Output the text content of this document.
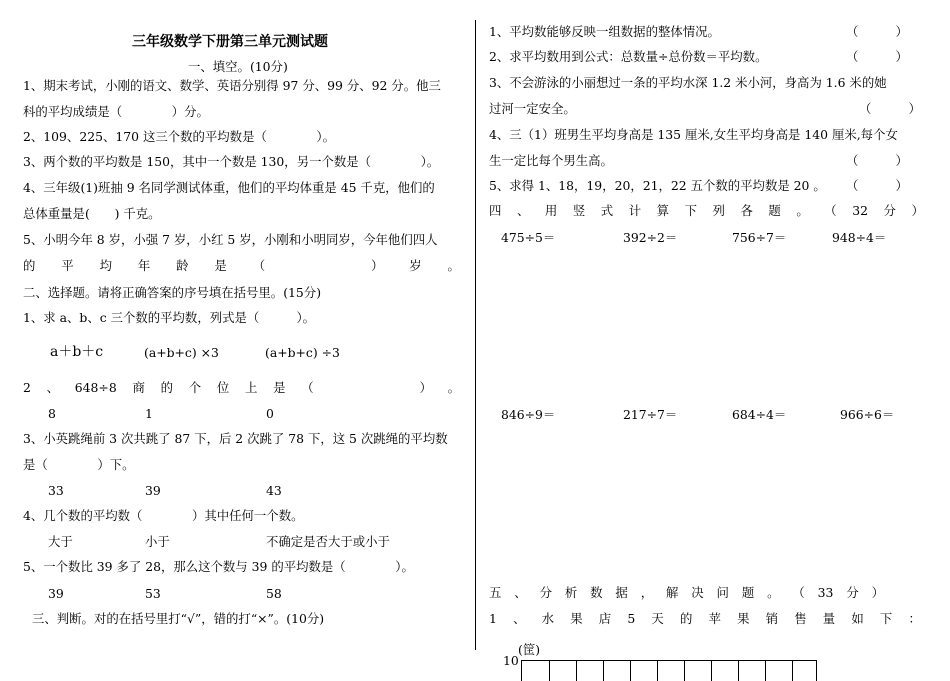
三年级数学下册第三单元测试题
一、填空。(10分)
1、期末考试，小刚的语文、数学、英语分别得 97 分、99 分、92 分。他三
科的平均成绩是（　　　　）分。
2、109、225、170 这三个数的平均数是（　　　　）。
3、两个数的平均数是 150，其中一个数是 130，另一个数是（　　　　）。
4、三年级(1)班抽 9 名同学测试体重，他们的平均体重是 45 千克，他们的
总体重量是(　　) 千克。
5、小明今年 8 岁，小强 7 岁，小红 5 岁，小刚和小明同岁，今年他们四人
的 平 均 年 龄 是 （	） 岁 。
二、选择题。请将正确答案的序号填在括号里。(15分)
1、求 a、b、c 三个数的平均数，列式是（　　　）。
a＋b＋c	(a+b+c) ×3	(a+b+c) ÷3
2 、 648÷8 商 的 个 位 上 是 （	） 。
8	1	0
3、小英跳绳前 3 次共跳了 87 下，后 2 次跳了 78 下，这 5 次跳绳的平均数
是（　　　　）下。
33	39	43
4、几个数的平均数（　　　　）其中任何一个数。
大于	小于	不确定是否大于或小于
5、一个数比 39 多了 28，那么这个数与 39 的平均数是（　　　　）。
39	53	58
三、判断。对的在括号里打“√”，错的打“×”。(10分)
1、平均数能够反映一组数据的整体情况。	（　　　）
2、求平均数用到公式：总数量÷总份数＝平均数。	（　　　）
3、不会游泳的小丽想过一条的平均水深 1.2 米小河，身高为 1.6 米的她
过河一定安全。	（　　　）
4、三（1）班男生平均身高是 135 厘米,女生平均身高是 140 厘米,每个女
生一定比每个男生高。	（　　　）
5、求得 1、18，19，20，21，22 五个数的平均数是 20 。 （　　　）
四 、 用 竖 式 计 算 下 列 各 题 。 （ 32 分 ）
475÷5＝	392÷2＝	756÷7＝	948÷4＝
846÷9＝	217÷7＝	684÷4＝	966÷6＝
五 、 分 析 数 据 ， 解 决 问 题 。 （ 33 分 ）
1 、 水 果 店 5 天 的 苹 果 销 售 量 如 下 ：
(筐)
10
